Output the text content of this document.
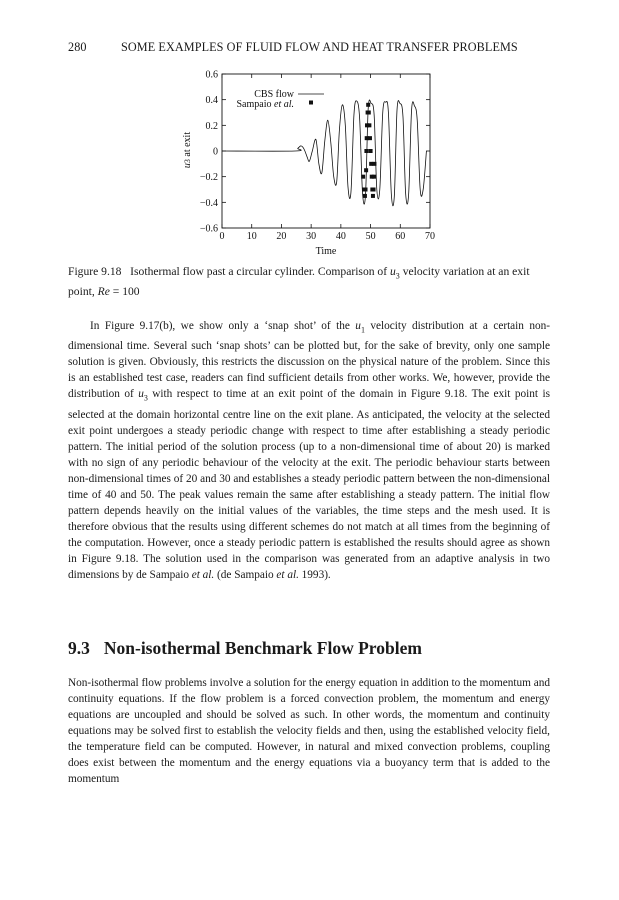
280	SOME EXAMPLES OF FLUID FLOW AND HEAT TRANSFER PROBLEMS
0 10 20 30 40 50 60 70
0.6
0.4
0.2
0
−0.2
−0.4
−0.6
CBS flow
Sampaio et al.
Time
u3 at exit
Figure 9.18 Isothermal flow past a circular cylinder. Comparison of $u_3$ velocity variation at an exit point, Re = 100

In Figure 9.17(b), we show only a ‘snap shot’ of the $u_1$ velocity distribution at a certain non-dimensional time. Several such ‘snap shots’ can be plotted but, for the sake of brevity, only one sample solution is given. Obviously, this restricts the discussion on the physical nature of the problem. Since this is an established test case, readers can find sufficient details from other works. We, however, provide the distribution of $u_3$ with respect to time at an exit point of the domain in Figure 9.18. The exit point is selected at the domain horizontal centre line on the exit plane. As anticipated, the velocity at the selected exit point undergoes a steady periodic change with respect to time after establishing a steady periodic pattern. The initial period of the solution process (up to a non-dimensional time of about 20) is marked with no sign of any periodic behaviour of the velocity at the exit. The periodic behaviour starts between non-dimensional times of 20 and 30 and establishes a steady periodic pattern between the non-dimensional time of 40 and 50. The peak values remain the same after establishing a steady pattern. The initial flow pattern depends heavily on the initial values of the variables, the time steps and the mesh used. It is therefore obvious that the results using different schemes do not match at all times from the beginning of the computation. However, once a steady periodic pattern is established the results should agree as shown in Figure 9.18. The solution used in the comparison was generated from an adaptive analysis in two dimensions by de Sampaio et al. (de Sampaio et al. 1993).

9.3 Non-isothermal Benchmark Flow Problem

Non-isothermal flow problems involve a solution for the energy equation in addition to the momentum and continuity equations. If the flow problem is a forced convection problem, the momentum and energy equations are uncoupled and should be solved as such. In other words, the momentum and continuity equations may be solved first to establish the velocity fields and then, using the established velocity field, the temperature field can be computed. However, in natural and mixed convection problems, coupling does exist between the momentum and the energy equations via a buoyancy term that is added to the momentum
